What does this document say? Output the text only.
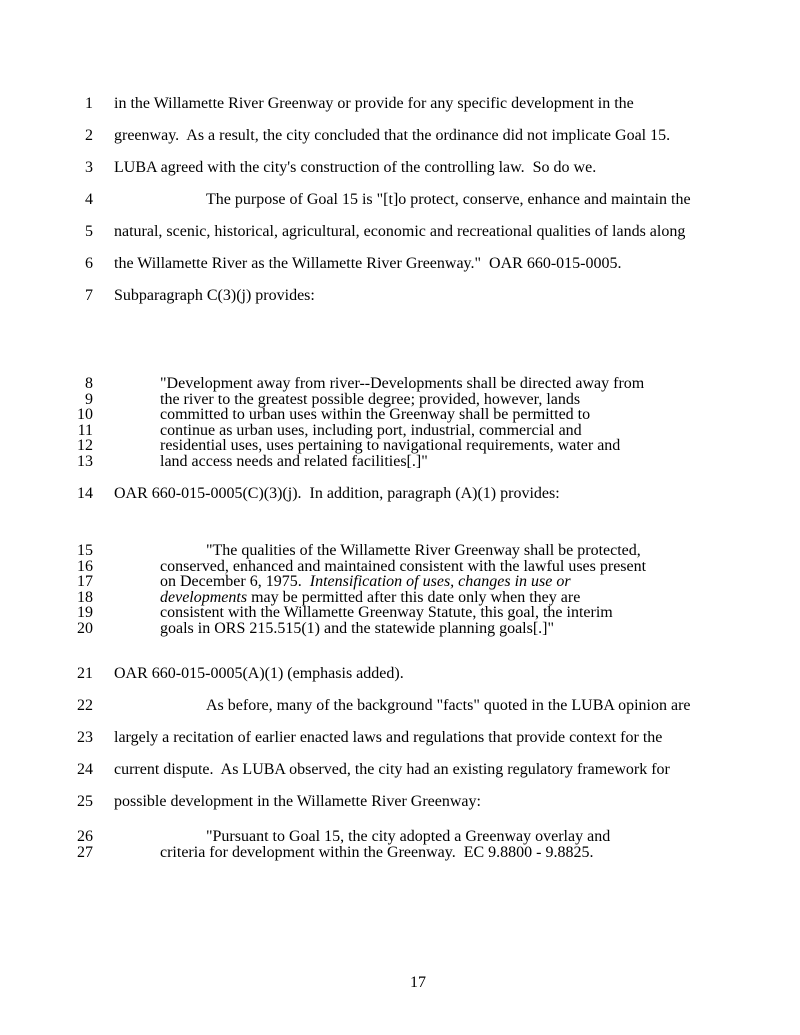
1 in the Willamette River Greenway or provide for any specific development in the
2 greenway.  As a result, the city concluded that the ordinance did not implicate Goal 15.
3 LUBA agreed with the city's construction of the controlling law.  So do we.
4	The purpose of Goal 15 is "[t]o protect, conserve, enhance and maintain the
5 natural, scenic, historical, agricultural, economic and recreational qualities of lands along
6 the Willamette River as the Willamette River Greenway."  OAR 660-015-0005.
7 Subparagraph C(3)(j) provides:
8	"Development away from river--Developments shall be directed away from
9	the river to the greatest possible degree; provided, however, lands
10	committed to urban uses within the Greenway shall be permitted to
11	continue as urban uses, including port, industrial, commercial and
12	residential uses, uses pertaining to navigational requirements, water and
13	land access needs and related facilities[.]"
14 OAR 660-015-0005(C)(3)(j).  In addition, paragraph (A)(1) provides:
15	"The qualities of the Willamette River Greenway shall be protected,
16	conserved, enhanced and maintained consistent with the lawful uses present
17	on December 6, 1975.  Intensification of uses, changes in use or
18	developments may be permitted after this date only when they are
19	consistent with the Willamette Greenway Statute, this goal, the interim
20	goals in ORS 215.515(1) and the statewide planning goals[.]"
21 OAR 660-015-0005(A)(1) (emphasis added).
22	As before, many of the background "facts" quoted in the LUBA opinion are
23 largely a recitation of earlier enacted laws and regulations that provide context for the
24 current dispute.  As LUBA observed, the city had an existing regulatory framework for
25 possible development in the Willamette River Greenway:
26	"Pursuant to Goal 15, the city adopted a Greenway overlay and
27	criteria for development within the Greenway.  EC 9.8800 - 9.8825.
17
